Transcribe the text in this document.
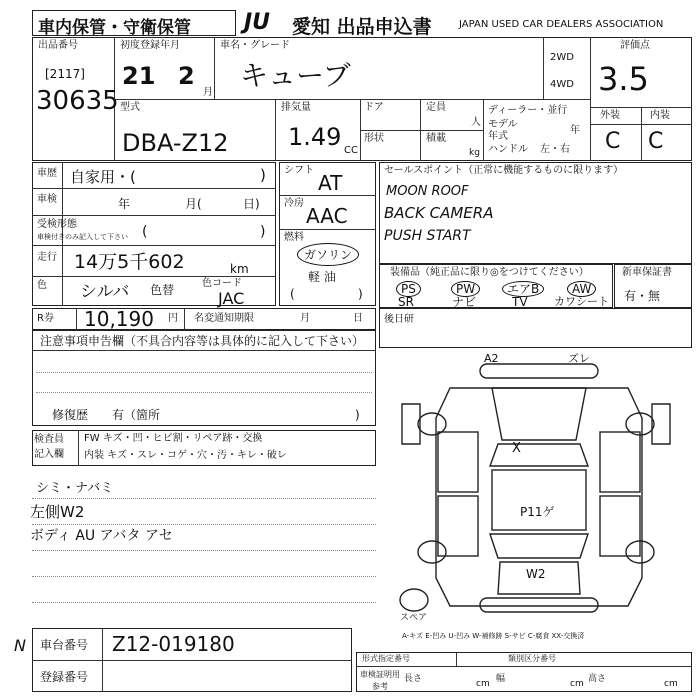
車内保管・守衛保管 JU 愛知 出品申込書	JAPAN USED CAR DEALERS ASSOCIATION
出品番号
[2117]
30635
初度登録年月
21 2
月
車名・グレード
キューブ
2WD
4WD
評価点
3.5
外装	内装
C C
型式
DBA-Z12
排気量
1.49 CC
ドア	定員
人
形状	積載
kg
ディーラー・並行
モデル
年式
年
ハンドル 左・右
車歴 自家用・(	)
車検	年	月(	日)
受検形態
車検付きのみ記入して下さい (	)
走行 14万5千602	km
色 シルバ 色替	色コード
JAC
シフト
AT
冷房
AAC
燃料
ガソリン
軽 油
(	)
セールスポイント（正常に機能するものに限ります）
MOON ROOF
BACK CAMERA
PUSH START
装備品（純正品に限り◎をつけてください）
PS	PW	エアB	AW
SR	ナビ	TV カワシート
新車保証書
有・無
R券 10,190 円 名変通知期限	月	日 後日研
注意事項申告欄（不具合内容等は具体的に記入して下さい）
修復歴 有（箇所	)
検査員
記入欄
FW キズ・凹・ヒビ割・リペア跡・交換
内装 キズ・スレ・コゲ・穴・汚・キレ・破レ
シミ・ナバミ
左側W2
ボディ AU アバタ アセ
A2	ズレ
X
P11ゲ
W2
スペア
A-キズ E-凹み U-凹み W-補修跡 S-サビ C-腐食 XX-交換済
車台番号 Z12-019180
登録番号
N
形式指定番号	類別区分番号
車検証明用
参考
長さ	cm 幅	cm 高さ	cm
